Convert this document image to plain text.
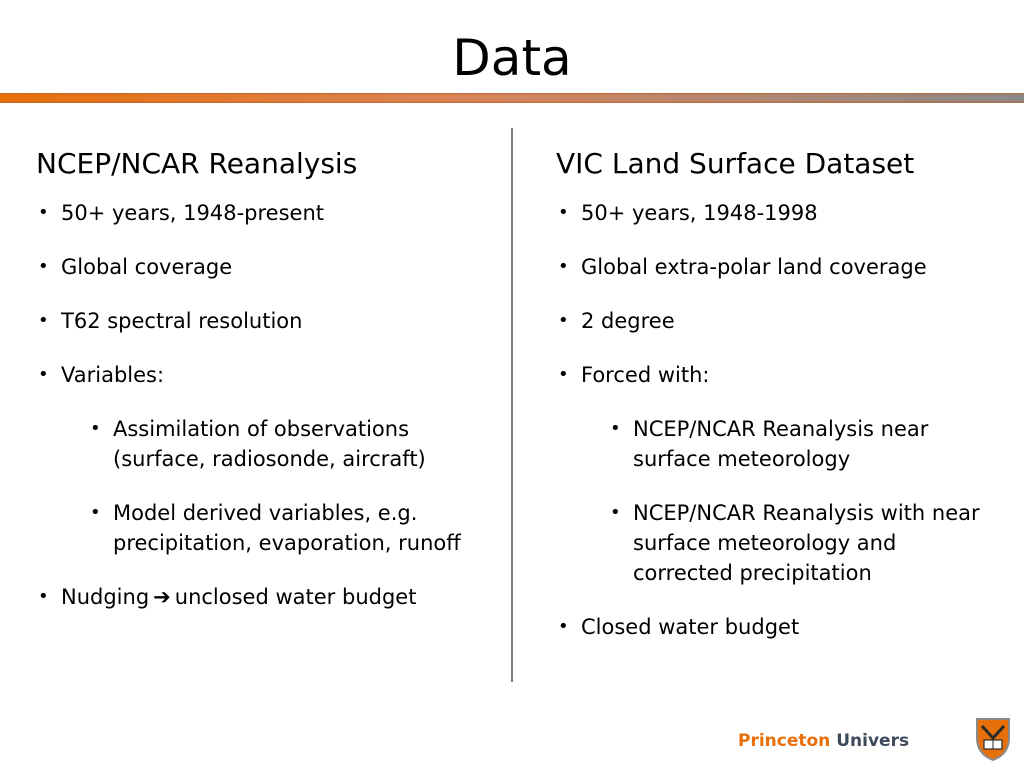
Data
NCEP/NCAR Reanalysis
• 50+ years, 1948-present
• Global coverage
• T62 spectral resolution
• Variables:
• Assimilation of observations (surface, radiosonde, aircraft)
• Model derived variables, e.g. precipitation, evaporation, runoff
• Nudging ➔ unclosed water budget
VIC Land Surface Dataset
• 50+ years, 1948-1998
• Global extra-polar land coverage
• 2 degree
• Forced with:
• NCEP/NCAR Reanalysis near surface meteorology
• NCEP/NCAR Reanalysis with near surface meteorology and corrected precipitation
• Closed water budget
Princeton Univers
